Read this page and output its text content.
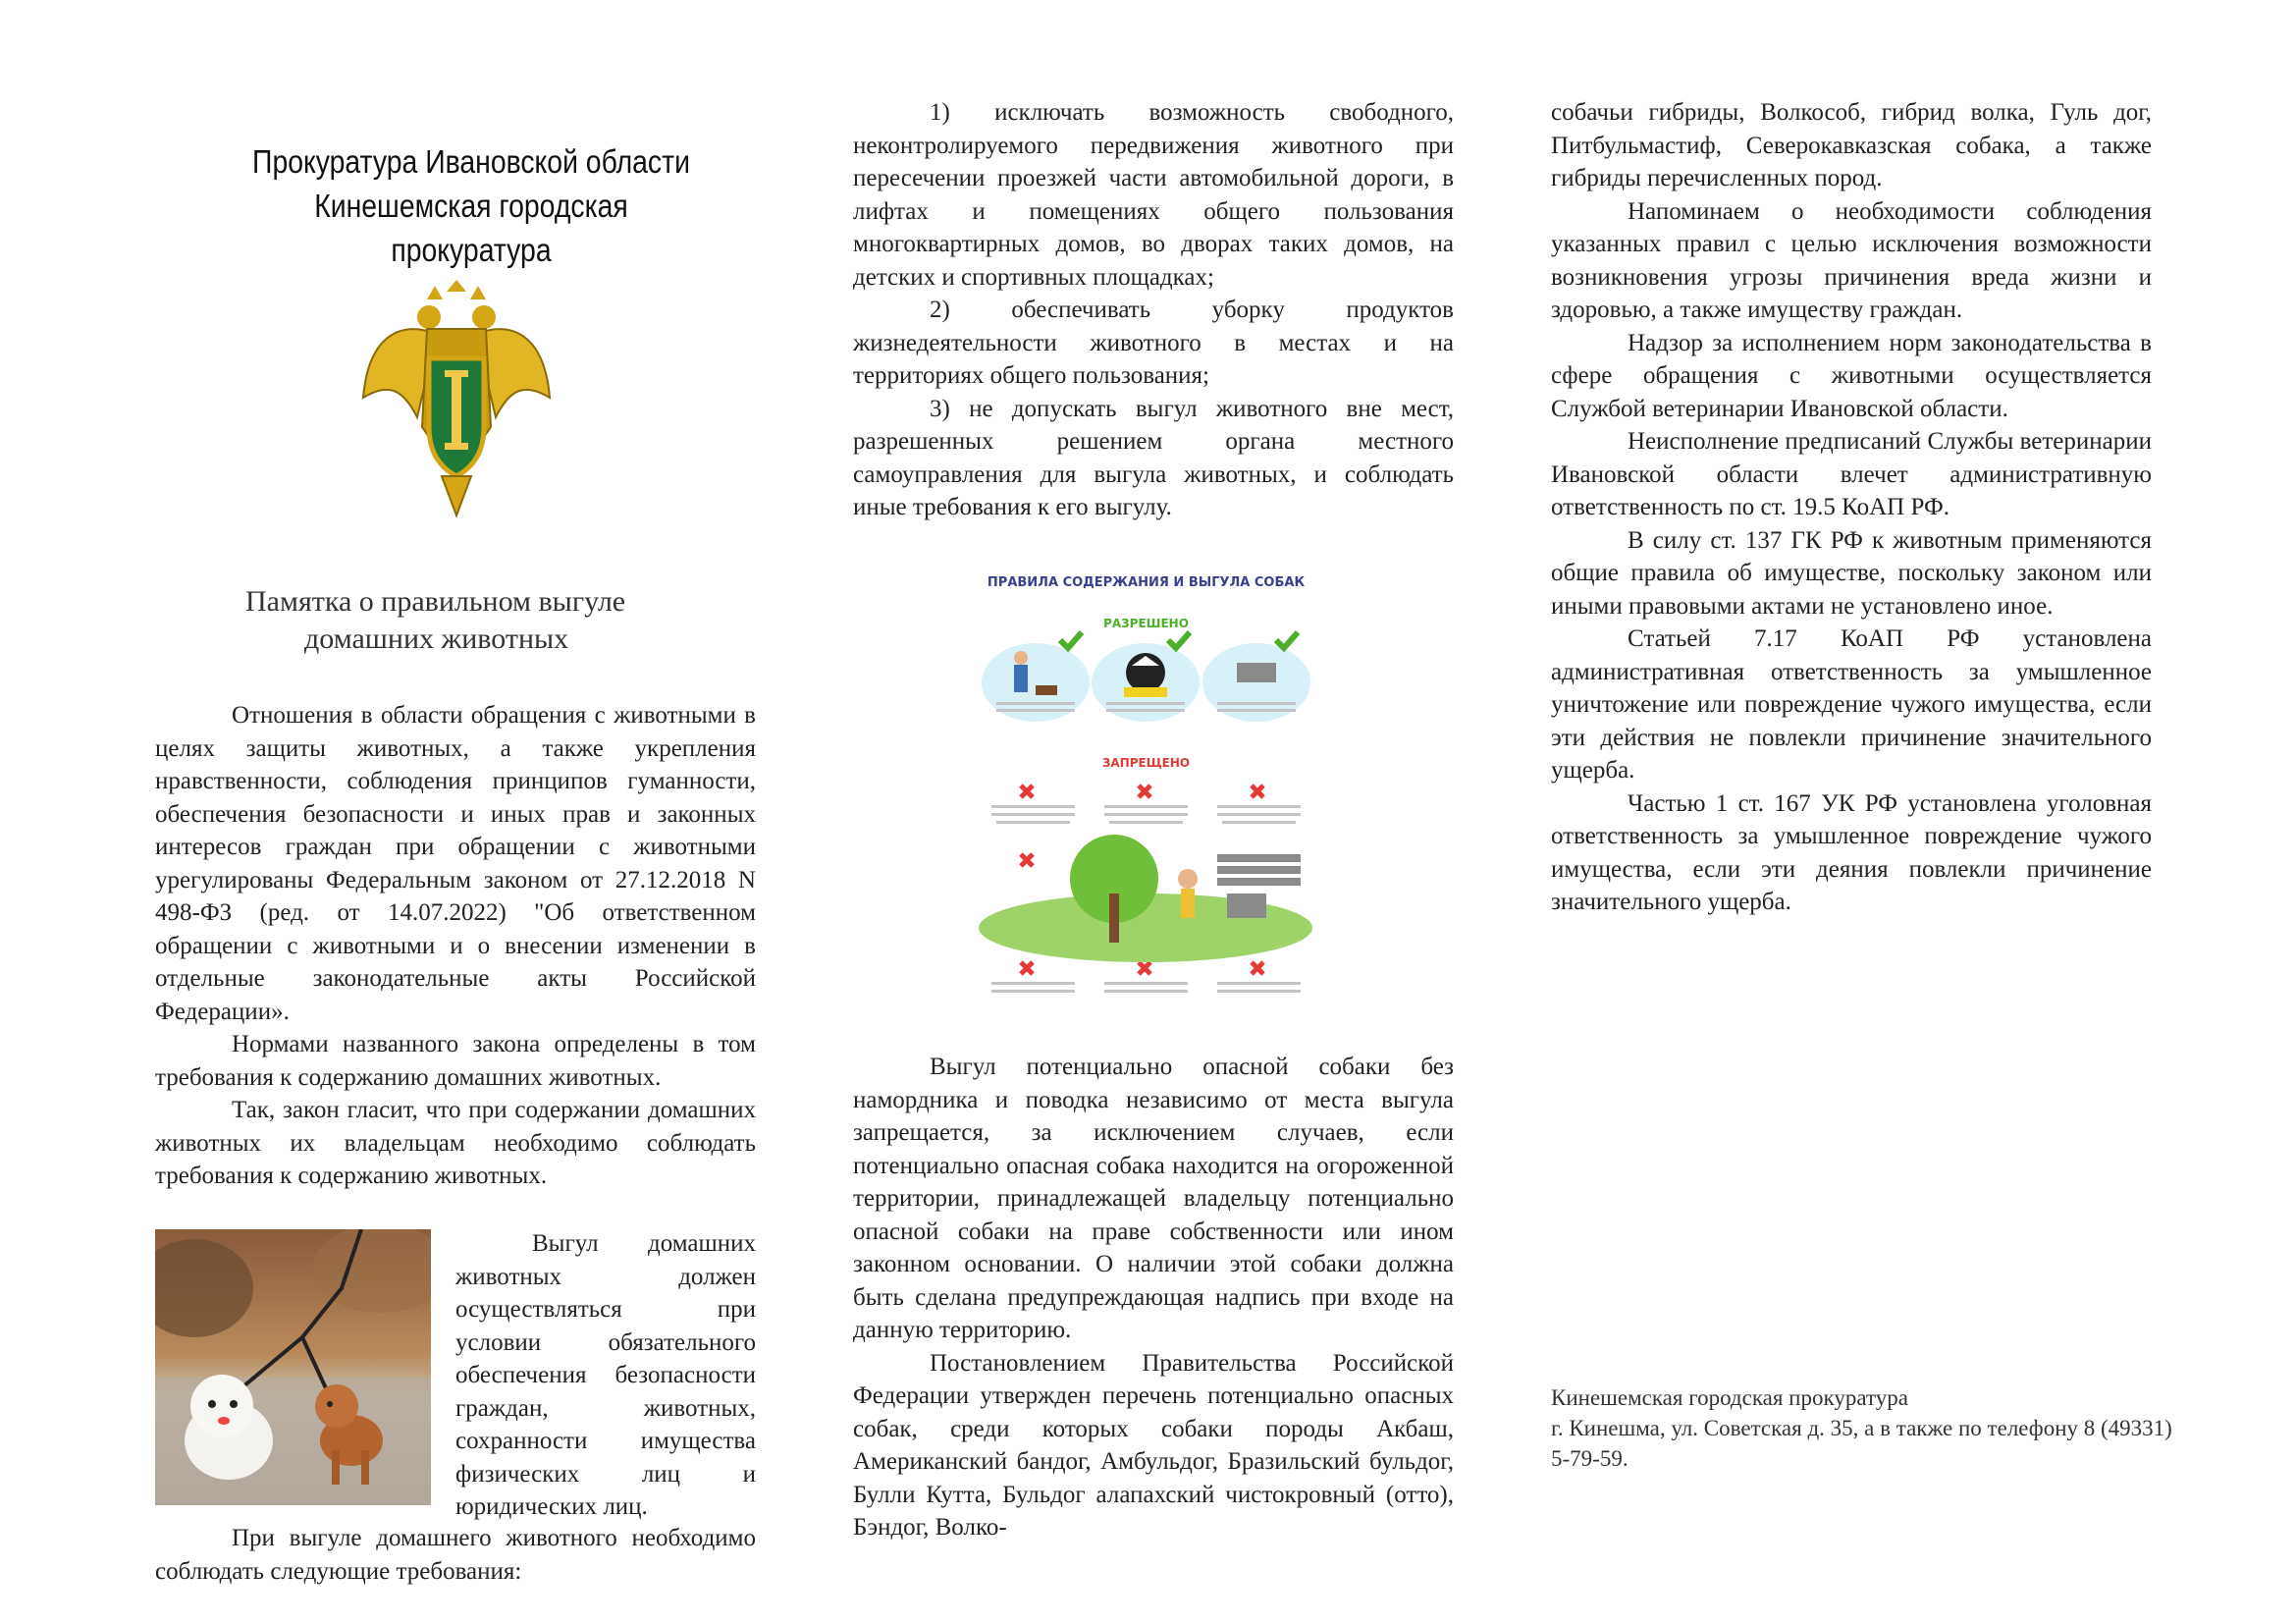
Прокуратура Ивановской области
Кинешемская городская
прокуратура
Памятка о правильном выгуле
домашних животных

Отношения в области обращения с животными в целях защиты животных, а также укрепления нравственности, соблюдения принципов гуманности, обеспечения безопасности и иных прав и законных интересов граждан при обращении с животными урегулированы Федеральным законом от 27.12.2018 N 498-ФЗ (ред. от 14.07.2022) "Об ответственном обращении с животными и о внесении изменении в отдельные законодательные акты Российской Федерации».

Нормами названного закона определены в том требования к содержанию домашних животных.

Так, закон гласит, что при содержании домашних животных их владельцам необходимо соблюдать требования к содержанию животных.

Выгул домашних животных должен осуществляться при условии обязательного обеспечения безопасности граждан, животных, сохранности имущества физических лиц и юридических лиц.

При выгуле домашнего животного необходимо соблюдать следующие требования:

1) исключать возможность свободного, неконтролируемого передвижения животного при пересечении проезжей части автомобильной дороги, в лифтах и помещениях общего пользования многоквартирных домов, во дворах таких домов, на детских и спортивных площадках;

2) обеспечивать уборку продуктов жизнедеятельности животного в местах и на территориях общего пользования;

3) не допускать выгул животного вне мест, разрешенных решением органа местного самоуправления для выгула животных, и соблюдать иные требования к его выгулу.

ПРАВИЛА СОДЕРЖАНИЯ И ВЫГУЛА СОБАК
РАЗРЕШЕНО
ЗАПРЕЩЕНО

Выгул потенциально опасной собаки без намордника и поводка независимо от места выгула запрещается, за исключением случаев, если потенциально опасная собака находится на огороженной территории, принадлежащей владельцу потенциально опасной собаки на праве собственности или ином законном основании. О наличии этой собаки должна быть сделана предупреждающая надпись при входе на данную территорию.

Постановлением Правительства Российской Федерации утвержден перечень потенциально опасных собак, среди которых собаки породы Акбаш, Американский бандог, Амбульдог, Бразильский бульдог, Булли Кутта, Бульдог алапахский чистокровный (отто), Бэндог, Волко-

собачьи гибриды, Волкособ, гибрид волка, Гуль дог, Питбульмастиф, Северокавказская собака, а также гибриды перечисленных пород.

Напоминаем о необходимости соблюдения указанных правил с целью исключения возможности возникновения угрозы причинения вреда жизни и здоровью, а также имуществу граждан.

Надзор за исполнением норм законодательства в сфере обращения с животными осуществляется Службой ветеринарии Ивановской области.

Неисполнение предписаний Службы ветеринарии Ивановской области влечет административную ответственность по ст. 19.5 КоАП РФ.

В силу ст. 137 ГК РФ к животным применяются общие правила об имуществе, поскольку законом или иными правовыми актами не установлено иное.

Статьей 7.17 КоАП РФ установлена административная ответственность за умышленное уничтожение или повреждение чужого имущества, если эти действия не повлекли причинение значительного ущерба.

Частью 1 ст. 167 УК РФ установлена уголовная ответственность за умышленное повреждение чужого имущества, если эти деяния повлекли причинение значительного ущерба.

Кинешемская городская прокуратура
г. Кинешма, ул. Советская д. 35, а в также по телефону 8 (49331) 5-79-59.
